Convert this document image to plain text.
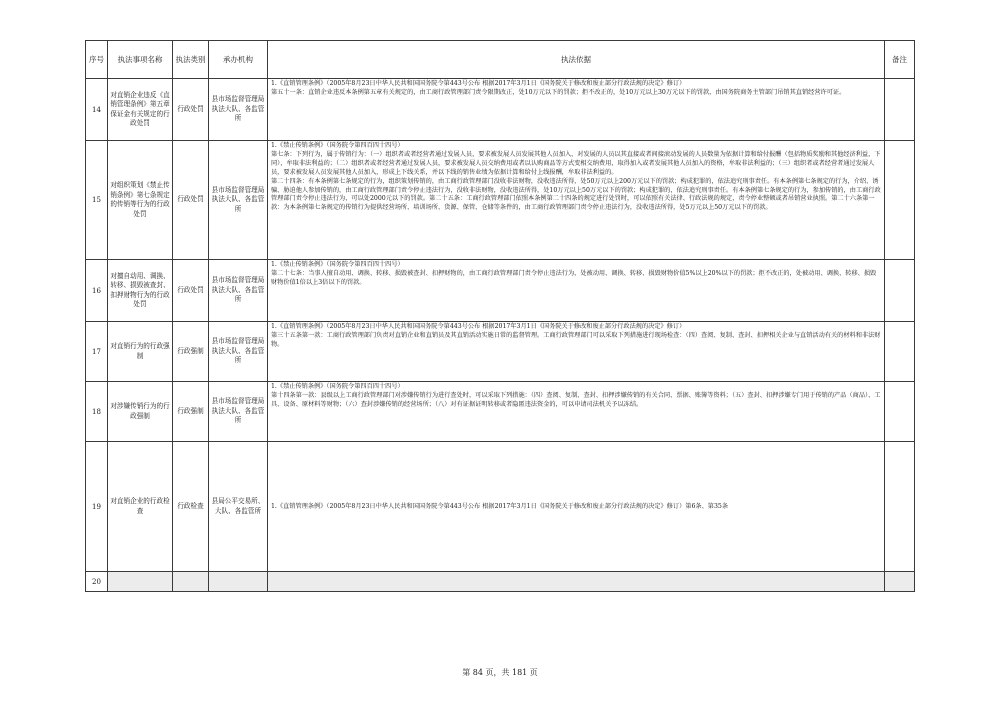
序号	执法事项名称	执法类别	承办机构	执法依据	备注
14	对直销企业违反《直销管理条例》第五章保证金有关规定的行政处罚	行政处罚	县市场监督管理局执法大队、各监管所	1.《直销管理条例》（2005年8月23日中华人民共和国国务院令第443号公布 根据2017年3月1日《国务院关于修改和废止部分行政法规的决定》修订）

第五十一条：直销企业违反本条例第五章有关规定的，由工商行政管理部门责令限期改正，处10万元以下的罚款；拒不改正的，处10万元以上30万元以下的罚款，由国务院商务主管部门吊销其直销经营许可证。	

15	对组织策划《禁止传销条例》第七条规定的传销等行为的行政处罚	行政处罚	县市场监督管理局执法大队、各监管所	1.《禁止传销条例》（国务院令第四百四十四号）

第七条：下列行为，属于传销行为：（一）组织者或者经营者通过发展人员，要求被发展人员发展其他人员加入，对发展的人员以其直接或者间接滚动发展的人员数量为依据计算和给付报酬（包括物质奖励和其他经济利益，下同），牟取非法利益的；（二）组织者或者经营者通过发展人员，要求被发展人员交纳费用或者以认购商品等方式变相交纳费用，取得加入或者发展其他人员加入的资格，牟取非法利益的；（三）组织者或者经营者通过发展人员，要求被发展人员发展其他人员加入，形成上下线关系，并以下线的销售业绩为依据计算和给付上线报酬，牟取非法利益的。

第二十四条：有本条例第七条规定的行为，组织策划传销的，由工商行政管理部门没收非法财物，没收违法所得，处50万元以上200万元以下的罚款；构成犯罪的，依法追究刑事责任。有本条例第七条规定的行为，介绍、诱骗、胁迫他人参加传销的，由工商行政管理部门责令停止违法行为，没收非法财物，没收违法所得，处10万元以上50万元以下的罚款；构成犯罪的，依法追究刑事责任。有本条例第七条规定的行为，参加传销的，由工商行政管理部门责令停止违法行为，可以处2000元以下的罚款。第二十五条：工商行政管理部门依照本条例第二十四条的规定进行处罚时，可以依照有关法律、行政法规的规定，责令停业整顿或者吊销营业执照。第二十六条第一款：为本条例第七条规定的传销行为提供经营场所、培训场所、货源、保管、仓储等条件的，由工商行政管理部门责令停止违法行为，没收违法所得，处5万元以上50万元以下的罚款。	

16	对擅自动用、调换、转移、损毁被查封、扣押财物行为的行政处罚	行政处罚	县市场监督管理局执法大队、各监管所	1.《禁止传销条例》（国务院令第四百四十四号）

第二十七条：当事人擅自动用、调换、转移、损毁被查封、扣押财物的，由工商行政管理部门责令停止违法行为，处被动用、调换、转移、损毁财物价值5%以上20%以下的罚款；拒不改正的，处被动用、调换、转移、损毁财物价值1倍以上3倍以下的罚款。	

17	对直销行为的行政强制	行政强制	县市场监督管理局执法大队、各监管所	1.《直销管理条例》（2005年8月23日中华人民共和国国务院令第443号公布 根据2017年3月1日《国务院关于修改和废止部分行政法规的决定》修订）

第三十五条第一款：工商行政管理部门负责对直销企业和直销员及其直销活动实施日常的监督管理。工商行政管理部门可以采取下列措施进行现场检查：（四）查阅、复制、查封、扣押相关企业与直销活动有关的材料和非法财物。	

18	对涉嫌传销行为的行政强制	行政强制	县市场监督管理局执法大队、各监管所	1.《禁止传销条例》（国务院令第四百四十四号）

第十四条第一款：县级以上工商行政管理部门对涉嫌传销行为进行查处时，可以采取下列措施：（四）查阅、复制、查封、扣押涉嫌传销的有关合同、票据、账簿等资料；（五）查封、扣押涉嫌专门用于传销的产品（商品）、工具、设备、原材料等财物；（六）查封涉嫌传销的经营场所；（八）对有证据证明转移或者隐匿违法资金的，可以申请司法机关予以冻结。	

19	对直销企业的行政检查	行政检查	县局公平交易所、大队、各监管所	1.《直销管理条例》（2005年8月23日中华人民共和国国务院令第443号公布 根据2017年3月1日《国务院关于修改和废止部分行政法规的决定》修订）第6条、第35条	

20					
第 84 页，共 181 页
